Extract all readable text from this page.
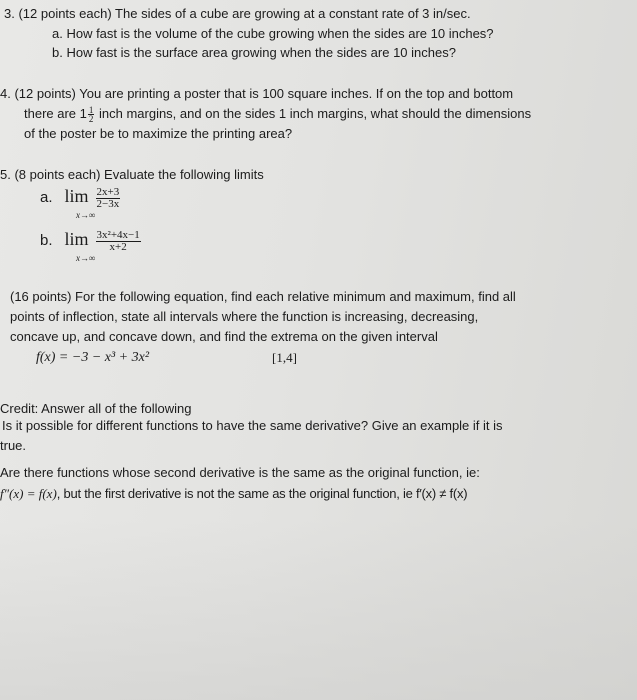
3. (12 points each) The sides of a cube are growing at a constant rate of 3 in/sec.
a. How fast is the volume of the cube growing when the sides are 10 inches?
b. How fast is the surface area growing when the sides are 10 inches?
4. (12 points) You are printing a poster that is 100 square inches. If on the top and bottom
there are $1 \frac{1}{2}$ inch margins, and on the sides 1 inch margins, what should the dimensions
of the poster be to maximize the printing area?
5. (8 points each) Evaluate the following limits
a. $\lim \frac{2x+3}{2-3x}$
x→∞
b. $\lim \frac{\text{3x²+4x−1}}{x+2}$
x→∞
(16 points) For the following equation, find each relative minimum and maximum, find all
points of inflection, state all intervals where the function is increasing, decreasing,
concave up, and concave down, and find the extrema on the given interval
f(x) = −3 − x³ + 3x²	[1,4]
Credit: Answer all of the following
Is it possible for different functions to have the same derivative? Give an example if it is
true.
Are there functions whose second derivative is the same as the original function, ie:
f″(x) = f(x), but the first derivative is not the same as the original function, ie f′(x) ≠ f(x)
